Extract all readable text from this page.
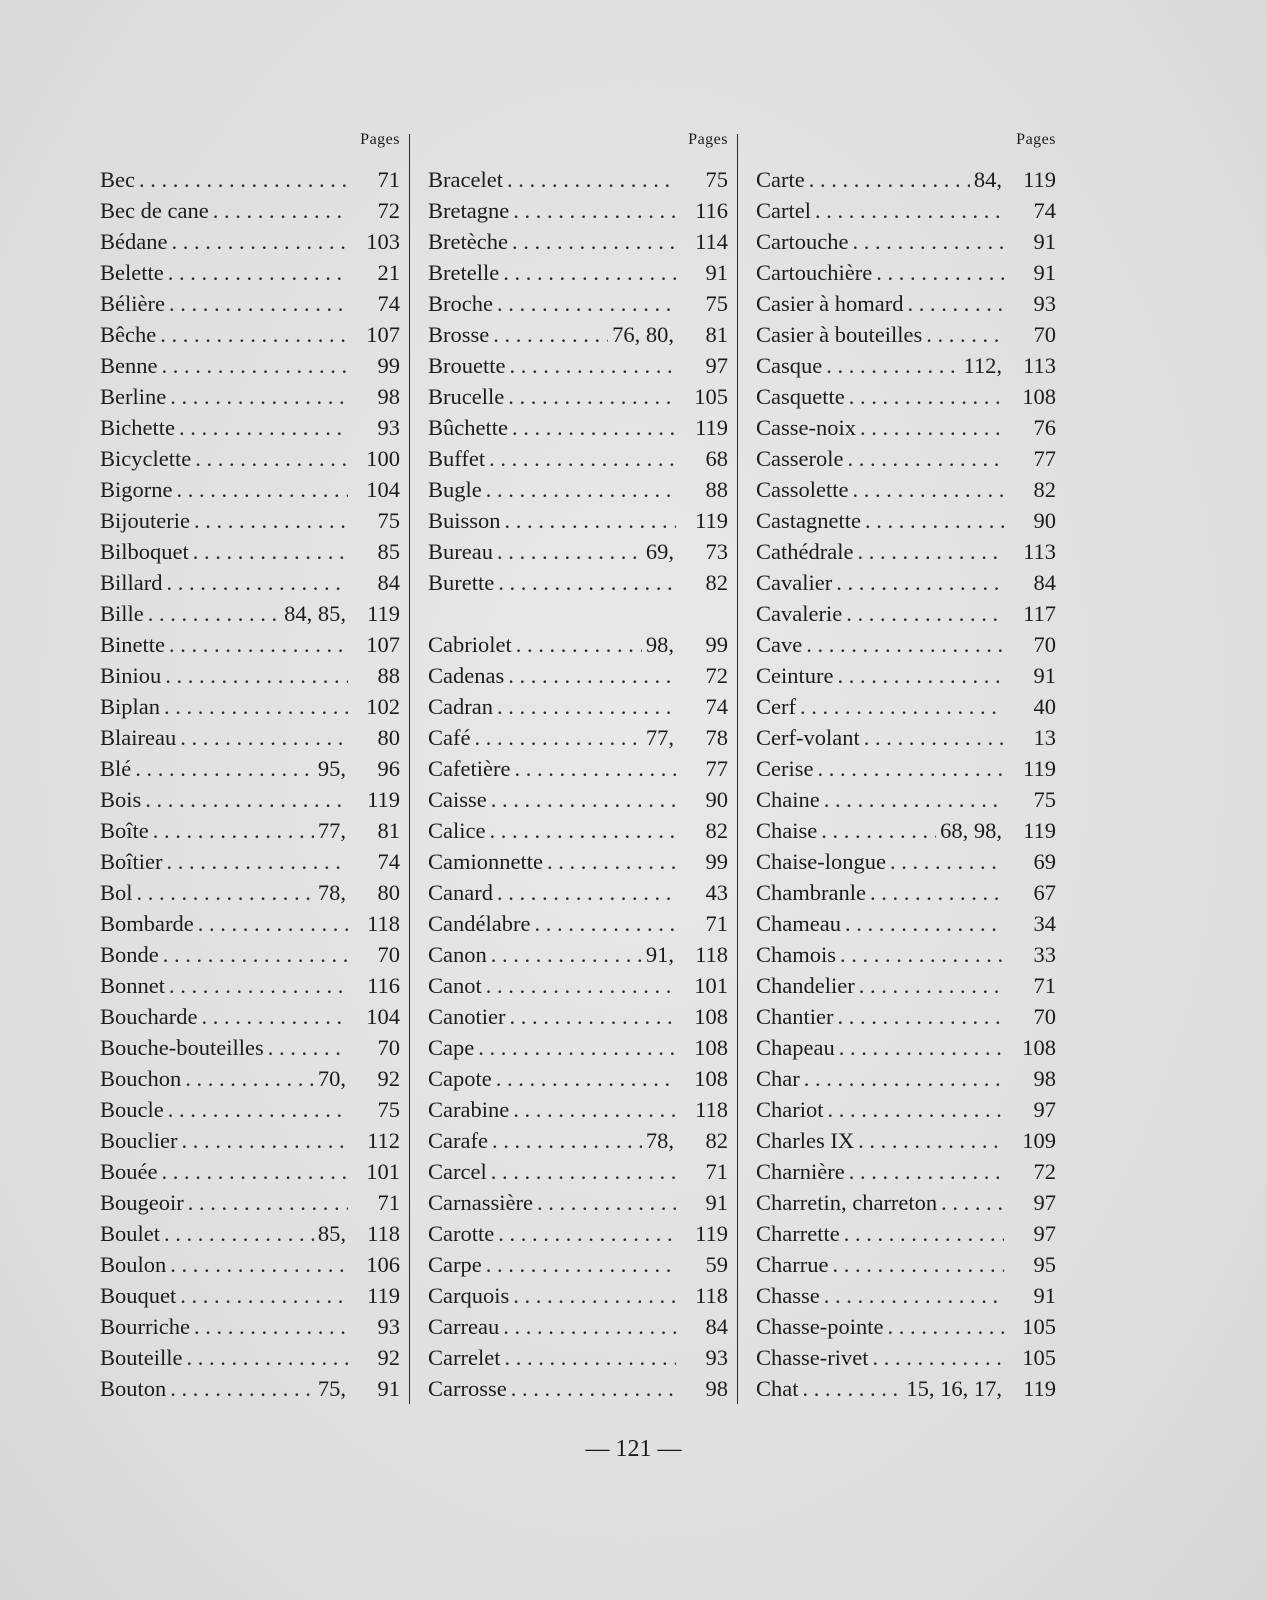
Pages
Bec . . .	71
Bec de cane . . .	72
Bédane . . .	103
Belette . . .	21
Bélière . . .	74
Bêche . . .	107
Benne . . .	99
Berline . . .	98
Bichette . . .	93
Bicyclette . . .	100
Bigorne . . .	104
Bijouterie . . .	75
Bilboquet . . .	85
Billard . . .	84
Bille . . .	84, 85, 119
Binette . . .	107
Biniou . . .	88
Biplan . . .	102
Blaireau . . .	80
Blé . . .	95,	96
Bois . . .	119
Boîte . . .	77,	81
Boîtier . . .	74
Bol . . .	78,	80
Bombarde . . .	118
Bonde . . .	70
Bonnet . . .	116
Boucharde . . .	104
Bouche-bouteilles . . .	70
Bouchon . . .	70,	92
Boucle . . .	75
Bouclier . . .	112
Bouée . . .	101
Bougeoir . . .	71
Boulet . . .	85, 118
Boulon . . .	106
Bouquet . . .	119
Bourriche . . .	93
Bouteille . . .	92
Bouton . . .	75,	91
Pages
Bracelet . . .	75
Bretagne . . .	116
Bretèche . . .	114
Bretelle . . .	91
Broche . . .	75
Brosse . . .	76, 80,	81
Brouette . . .	97
Brucelle . . .	105
Bûchette . . .	119
Buffet . . .	68
Bugle . . .	88
Buisson . . .	119
Bureau . . .	69,	73
Burette . . .	82
Cabriolet . . .	98,	99
Cadenas . . .	72
Cadran . . .	74
Café . . .	77,	78
Cafetière . . .	77
Caisse . . .	90
Calice . . .	82
Camionnette . . .	99
Canard . . .	43
Candélabre . . .	71
Canon . . .	91, 118
Canot . . .	101
Canotier . . .	108
Cape . . .	108
Capote . . .	108
Carabine . . .	118
Carafe . . .	78,	82
Carcel . . .	71
Carnassière . . .	91
Carotte . . .	119
Carpe . . .	59
Carquois . . .	118
Carreau . . .	84
Carrelet . . .	93
Carrosse . . .	98
Pages
Carte . . .	84, 119
Cartel . . .	74
Cartouche . . .	91
Cartouchière . . .	91
Casier à homard . . .	93
Casier à bouteilles . . .	70
Casque . . .	112, 113
Casquette . . .	108
Casse-noix . . .	76
Casserole . . .	77
Cassolette . . .	82
Castagnette . . .	90
Cathédrale . . .	113
Cavalier . . .	84
Cavalerie . . .	117
Cave . . .	70
Ceinture . . .	91
Cerf . . .	40
Cerf-volant . . .	13
Cerise . . .	119
Chaine . . .	75
Chaise . . .	68, 98, 119
Chaise-longue . . .	69
Chambranle . . .	67
Chameau . . .	34
Chamois . . .	33
Chandelier . . .	71
Chantier . . .	70
Chapeau . . .	108
Char . . .	98
Chariot . . .	97
Charles IX . . .	109
Charnière . . .	72
Charretin, charreton . . .	97
Charrette . . .	97
Charrue . . .	95
Chasse . . .	91
Chasse-pointe . . .	105
Chasse-rivet . . .	105
Chat . . .	15, 16, 17, 119
— 121 —
